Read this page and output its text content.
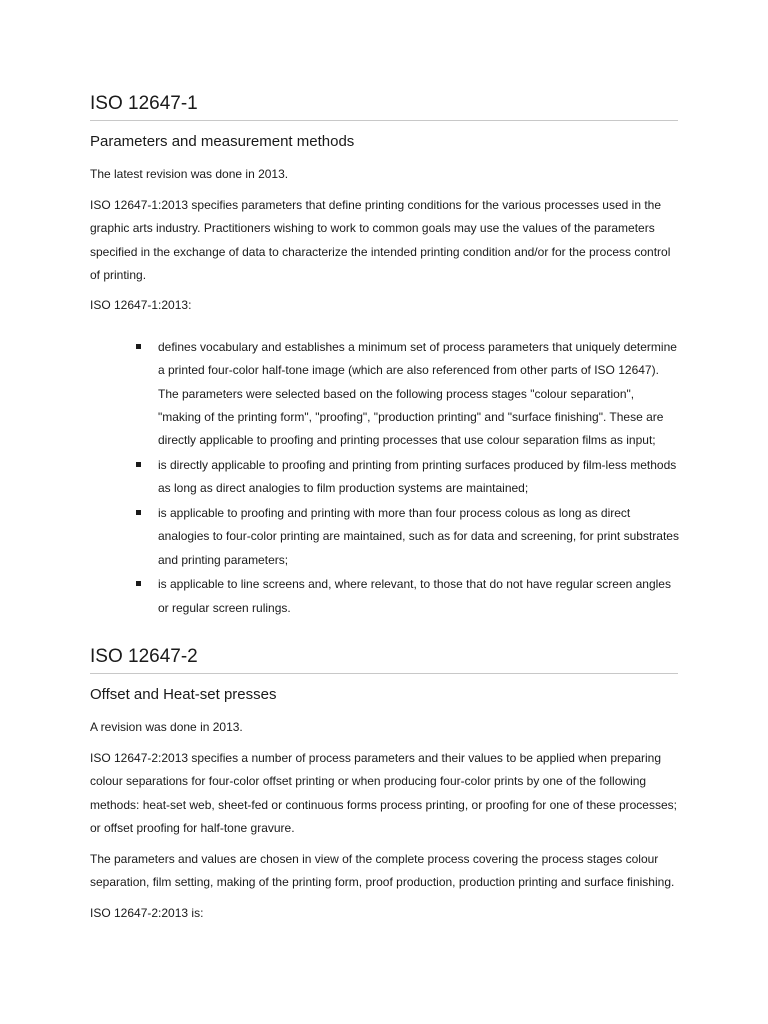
ISO 12647-1
Parameters and measurement methods

The latest revision was done in 2013.

ISO 12647-1:2013 specifies parameters that define printing conditions for the various processes used in the graphic arts industry. Practitioners wishing to work to common goals may use the values of the parameters specified in the exchange of data to characterize the intended printing condition and/or for the process control of printing.

ISO 12647-1:2013:

defines vocabulary and establishes a minimum set of process parameters that uniquely determine a printed four-color half-tone image (which are also referenced from other parts of ISO 12647). The parameters were selected based on the following process stages "colour separation", "making of the printing form", "proofing", "production printing" and "surface finishing". These are directly applicable to proofing and printing processes that use colour separation films as input;
is directly applicable to proofing and printing from printing surfaces produced by film-less methods as long as direct analogies to film production systems are maintained;
is applicable to proofing and printing with more than four process colous as long as direct analogies to four-color printing are maintained, such as for data and screening, for print substrates and printing parameters;
is applicable to line screens and, where relevant, to those that do not have regular screen angles or regular screen rulings.
ISO 12647-2
Offset and Heat-set presses

A revision was done in 2013.

ISO 12647-2:2013 specifies a number of process parameters and their values to be applied when preparing colour separations for four-color offset printing or when producing four-color prints by one of the following methods: heat-set web, sheet-fed or continuous forms process printing, or proofing for one of these processes; or offset proofing for half-tone gravure.

The parameters and values are chosen in view of the complete process covering the process stages colour separation, film setting, making of the printing form, proof production, production printing and surface finishing.

ISO 12647-2:2013 is:
